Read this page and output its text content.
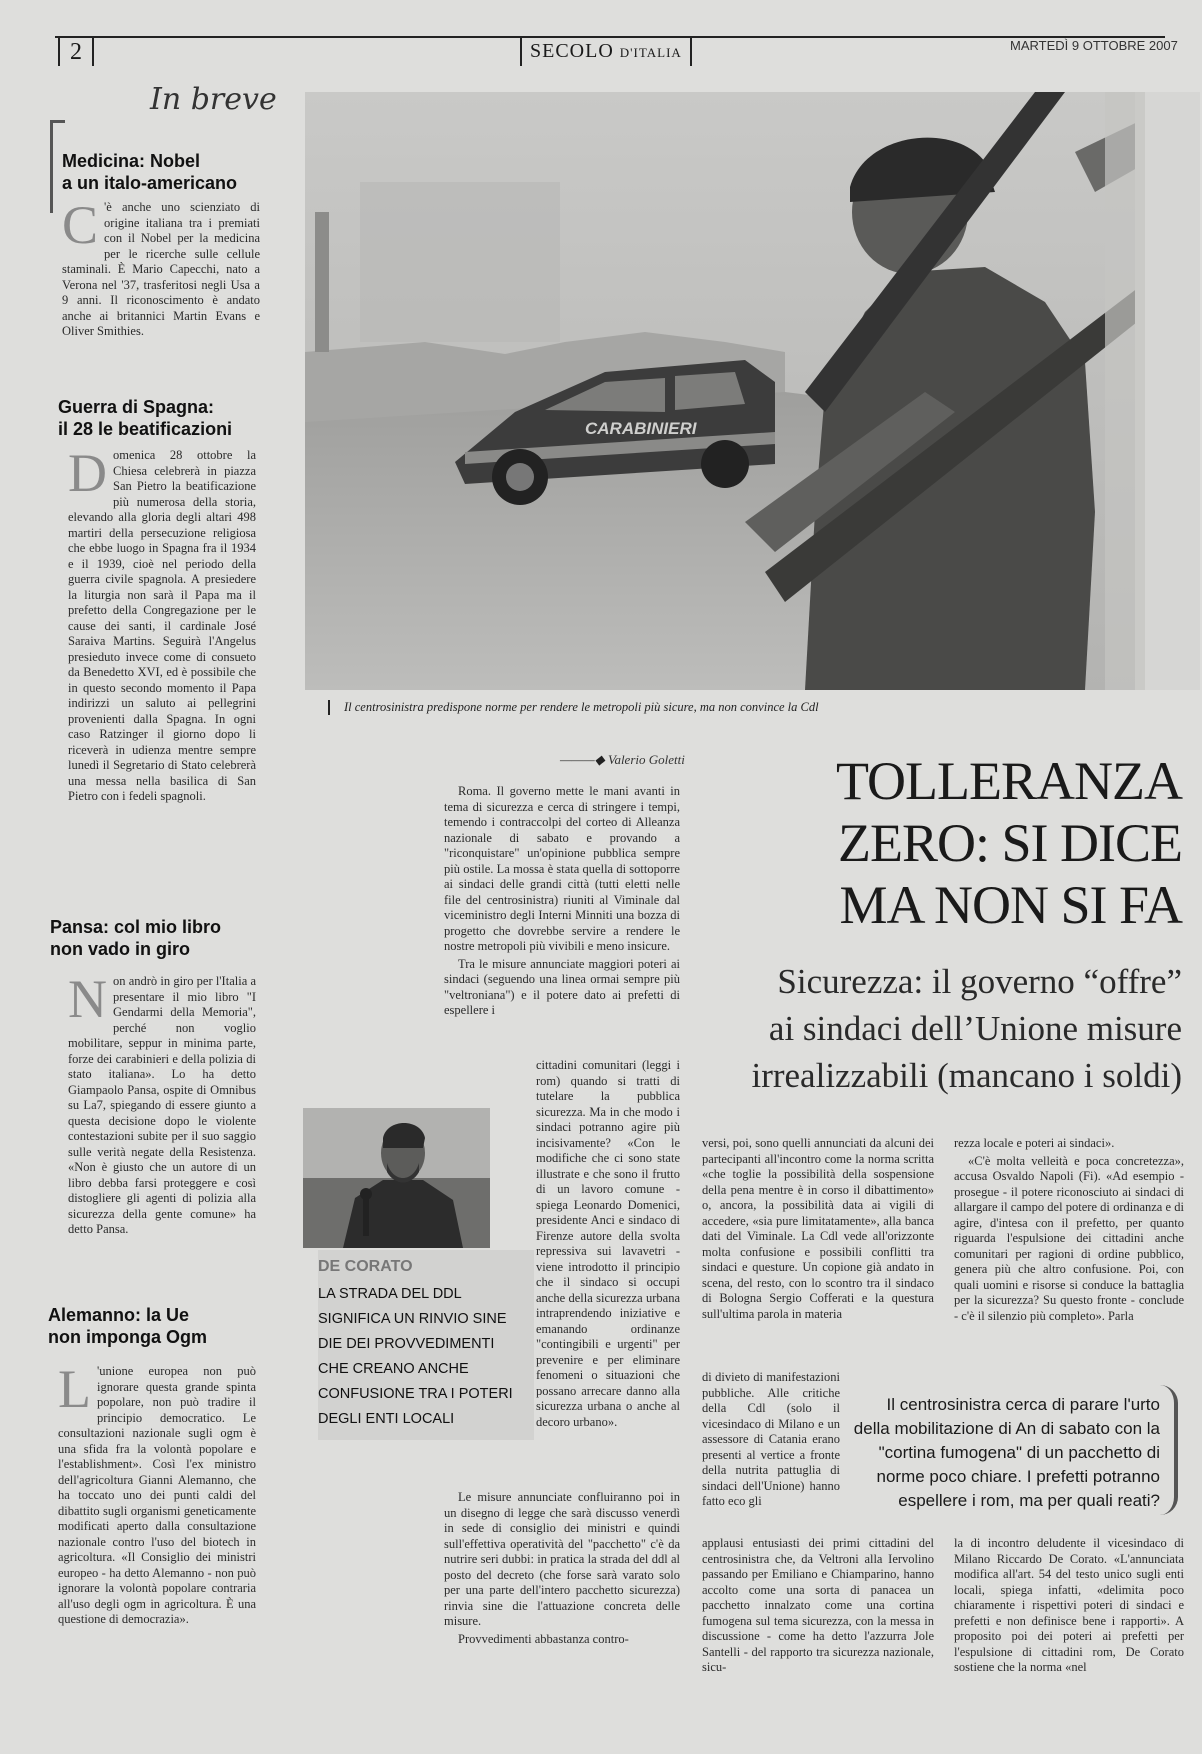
2	SECOLO D'ITALIA	MARTEDÌ 9 OTTOBRE 2007
In breve
Medicina: Nobel
a un italo-americano
C 'è anche uno scienziato di origine italiana tra i premiati con il Nobel per la medicina per le ricerche sulle cellule staminali. È Mario Capecchi, nato a Verona nel '37, trasferitosi negli Usa a 9 anni. Il riconoscimento è andato anche ai britannici Martin Evans e Oliver Smithies.
Guerra di Spagna:
il 28 le beatificazioni
Domenica 28 ottobre la Chiesa celebrerà in piazza San Pietro la beatificazione più numerosa della storia, elevando alla gloria degli altari 498 martiri della persecuzione religiosa che ebbe luogo in Spagna fra il 1934 e il 1939, cioè nel periodo della guerra civile spagnola. A presiedere la liturgia non sarà il Papa ma il prefetto della Congregazione per le cause dei santi, il cardinale José Saraiva Martins. Seguirà l'Angelus presieduto invece come di consueto da Benedetto XVI, ed è possibile che in questo secondo momento il Papa indirizzi un saluto ai pellegrini provenienti dalla Spagna. In ogni caso Ratzinger il giorno dopo li riceverà in udienza mentre sempre lunedì il Segretario di Stato celebrerà una messa nella basilica di San Pietro con i fedeli spagnoli.
Pansa: col mio libro
non vado in giro
Non andrò in giro per l'Italia a presentare il mio libro "I Gendarmi della Memoria", perché non voglio mobilitare, seppur in minima parte, forze dei carabinieri e della polizia di stato italiana». Lo ha detto Giampaolo Pansa, ospite di Omnibus su La7, spiegando di essere giunto a questa decisione dopo le violente contestazioni subite per il suo saggio sulle verità negate della Resistenza. «Non è giusto che un autore di un libro debba farsi proteggere e così distogliere gli agenti di polizia alla sicurezza della gente comune» ha detto Pansa.
Alemanno: la Ue
non imponga Ogm
L 'unione europea non può ignorare questa grande spinta popolare, non può tradire il principio democratico. Le consultazioni nazionale sugli ogm è una sfida fra la volontà popolare e l'establishment». Così l'ex ministro dell'agricoltura Gianni Alemanno, che ha toccato uno dei punti caldi del dibattito sugli organismi geneticamente modificati aperto dalla consultazione nazionale contro l'uso del biotech in agricoltura. «Il Consiglio dei ministri europeo - ha detto Alemanno - non può ignorare la volontà popolare contraria all'uso degli ogm in agricoltura. È una questione di democrazia».
CARABINIERI
Il centrosinistra predispone norme per rendere le metropoli più sicure, ma non convince la Cdl
———◆ Valerio Goletti	TOLLERANZA
ZERO: SI DICE
MA NON SI FA
Sicurezza: il governo “offre”
ai sindaci dell’Unione misure
irrealizzabili (mancano i soldi)

Roma. Il governo mette le mani avanti in tema di sicurezza e cerca di stringere i tempi, temendo i contraccolpi del corteo di Alleanza nazionale di sabato e provando a "riconquistare" un'opinione pubblica sempre più ostile. La mossa è stata quella di sottoporre ai sindaci delle grandi città (tutti eletti nelle file del centrosinistra) riuniti al Viminale dal viceministro degli Interni Minniti una bozza di progetto che dovrebbe servire a rendere le nostre metropoli più vivibili e meno insicure.

Tra le misure annunciate maggiori poteri ai sindaci (seguendo una linea ormai sempre più "veltroniana") e il potere dato ai prefetti di espellere i

cittadini comunitari (leggi i rom) quando si tratti di tutelare la pubblica sicurezza. Ma in che modo i sindaci potranno agire più incisivamente? «Con le modifiche che ci sono state illustrate e che sono il frutto di un lavoro comune - spiega Leonardo Domenici, presidente Anci e sindaco di Firenze autore della svolta repressiva sui lavavetri - viene introdotto il principio che il sindaco si occupi anche della sicurezza urbana intraprendendo iniziative e emanando ordinanze "contingibili e urgenti" per prevenire e per eliminare fenomeni o situazioni che possano arrecare danno alla sicurezza urbana o anche al decoro urbano».

Le misure annunciate confluiranno poi in un disegno di legge che sarà discusso venerdì in sede di consiglio dei ministri e quindi sull'effettiva operatività del "pacchetto" c'è da nutrire seri dubbi: in pratica la strada del ddl al posto del decreto (che forse sarà varato solo per una parte dell'intero pacchetto sicurezza) rinvia sine die l'attuazione concreta delle misure.

Provvedimenti abbastanza contro-

DE CORATO
LA STRADA DEL DDL SIGNIFICA UN RINVIO SINE DIE DEI PROVVEDIMENTI CHE CREANO ANCHE CONFUSIONE TRA I POTERI DEGLI ENTI LOCALI

versi, poi, sono quelli annunciati da alcuni dei partecipanti all'incontro come la norma scritta «che toglie la possibilità della sospensione della pena mentre è in corso il dibattimento» o, ancora, la possibilità data ai vigili di accedere, «sia pure limitatamente», alla banca dati del Viminale. La Cdl vede all'orizzonte molta confusione e possibili conflitti tra sindaci e questure. Un copione già andato in scena, del resto, con lo scontro tra il sindaco di Bologna Sergio Cofferati e la questura sull'ultima parola in materia

di divieto di manifestazioni pubbliche. Alle critiche della Cdl (solo il vicesindaco di Milano e un assessore di Catania erano presenti al vertice a fronte della nutrita pattuglia di sindaci dell'Unione) hanno fatto eco gli

applausi entusiasti dei primi cittadini del centrosinistra che, da Veltroni alla Iervolino passando per Emiliano e Chiamparino, hanno accolto come una sorta di panacea un pacchetto innalzato come una cortina fumogena sul tema sicurezza, con la messa in discussione - come ha detto l'azzurra Jole Santelli - del rapporto tra sicurezza nazionale, sicu-

rezza locale e poteri ai sindaci».

«C'è molta velleità e poca concretezza», accusa Osvaldo Napoli (Fi). «Ad esempio - prosegue - il potere riconosciuto ai sindaci di allargare il campo del potere di ordinanza e di agire, d'intesa con il prefetto, per quanto riguarda l'espulsione dei cittadini anche comunitari per ragioni di ordine pubblico, genera più che altro confusione. Poi, con quali uomini e risorse si conduce la battaglia per la sicurezza? Su questo fronte - conclude - c'è il silenzio più completo». Parla

la di incontro deludente il vicesindaco di Milano Riccardo De Corato. «L'annunciata modifica all'art. 54 del testo unico sugli enti locali, spiega infatti, «delimita poco chiaramente i rispettivi poteri di sindaci e prefetti e non definisce bene i rapporti». A proposito poi dei poteri ai prefetti per l'espulsione di cittadini rom, De Corato sostiene che la norma «nel

Il centrosinistra cerca di parare l'urto della mobilitazione di An di sabato con la "cortina fumogena" di un pacchetto di norme poco chiare. I prefetti potranno espellere i rom, ma per quali reati?
